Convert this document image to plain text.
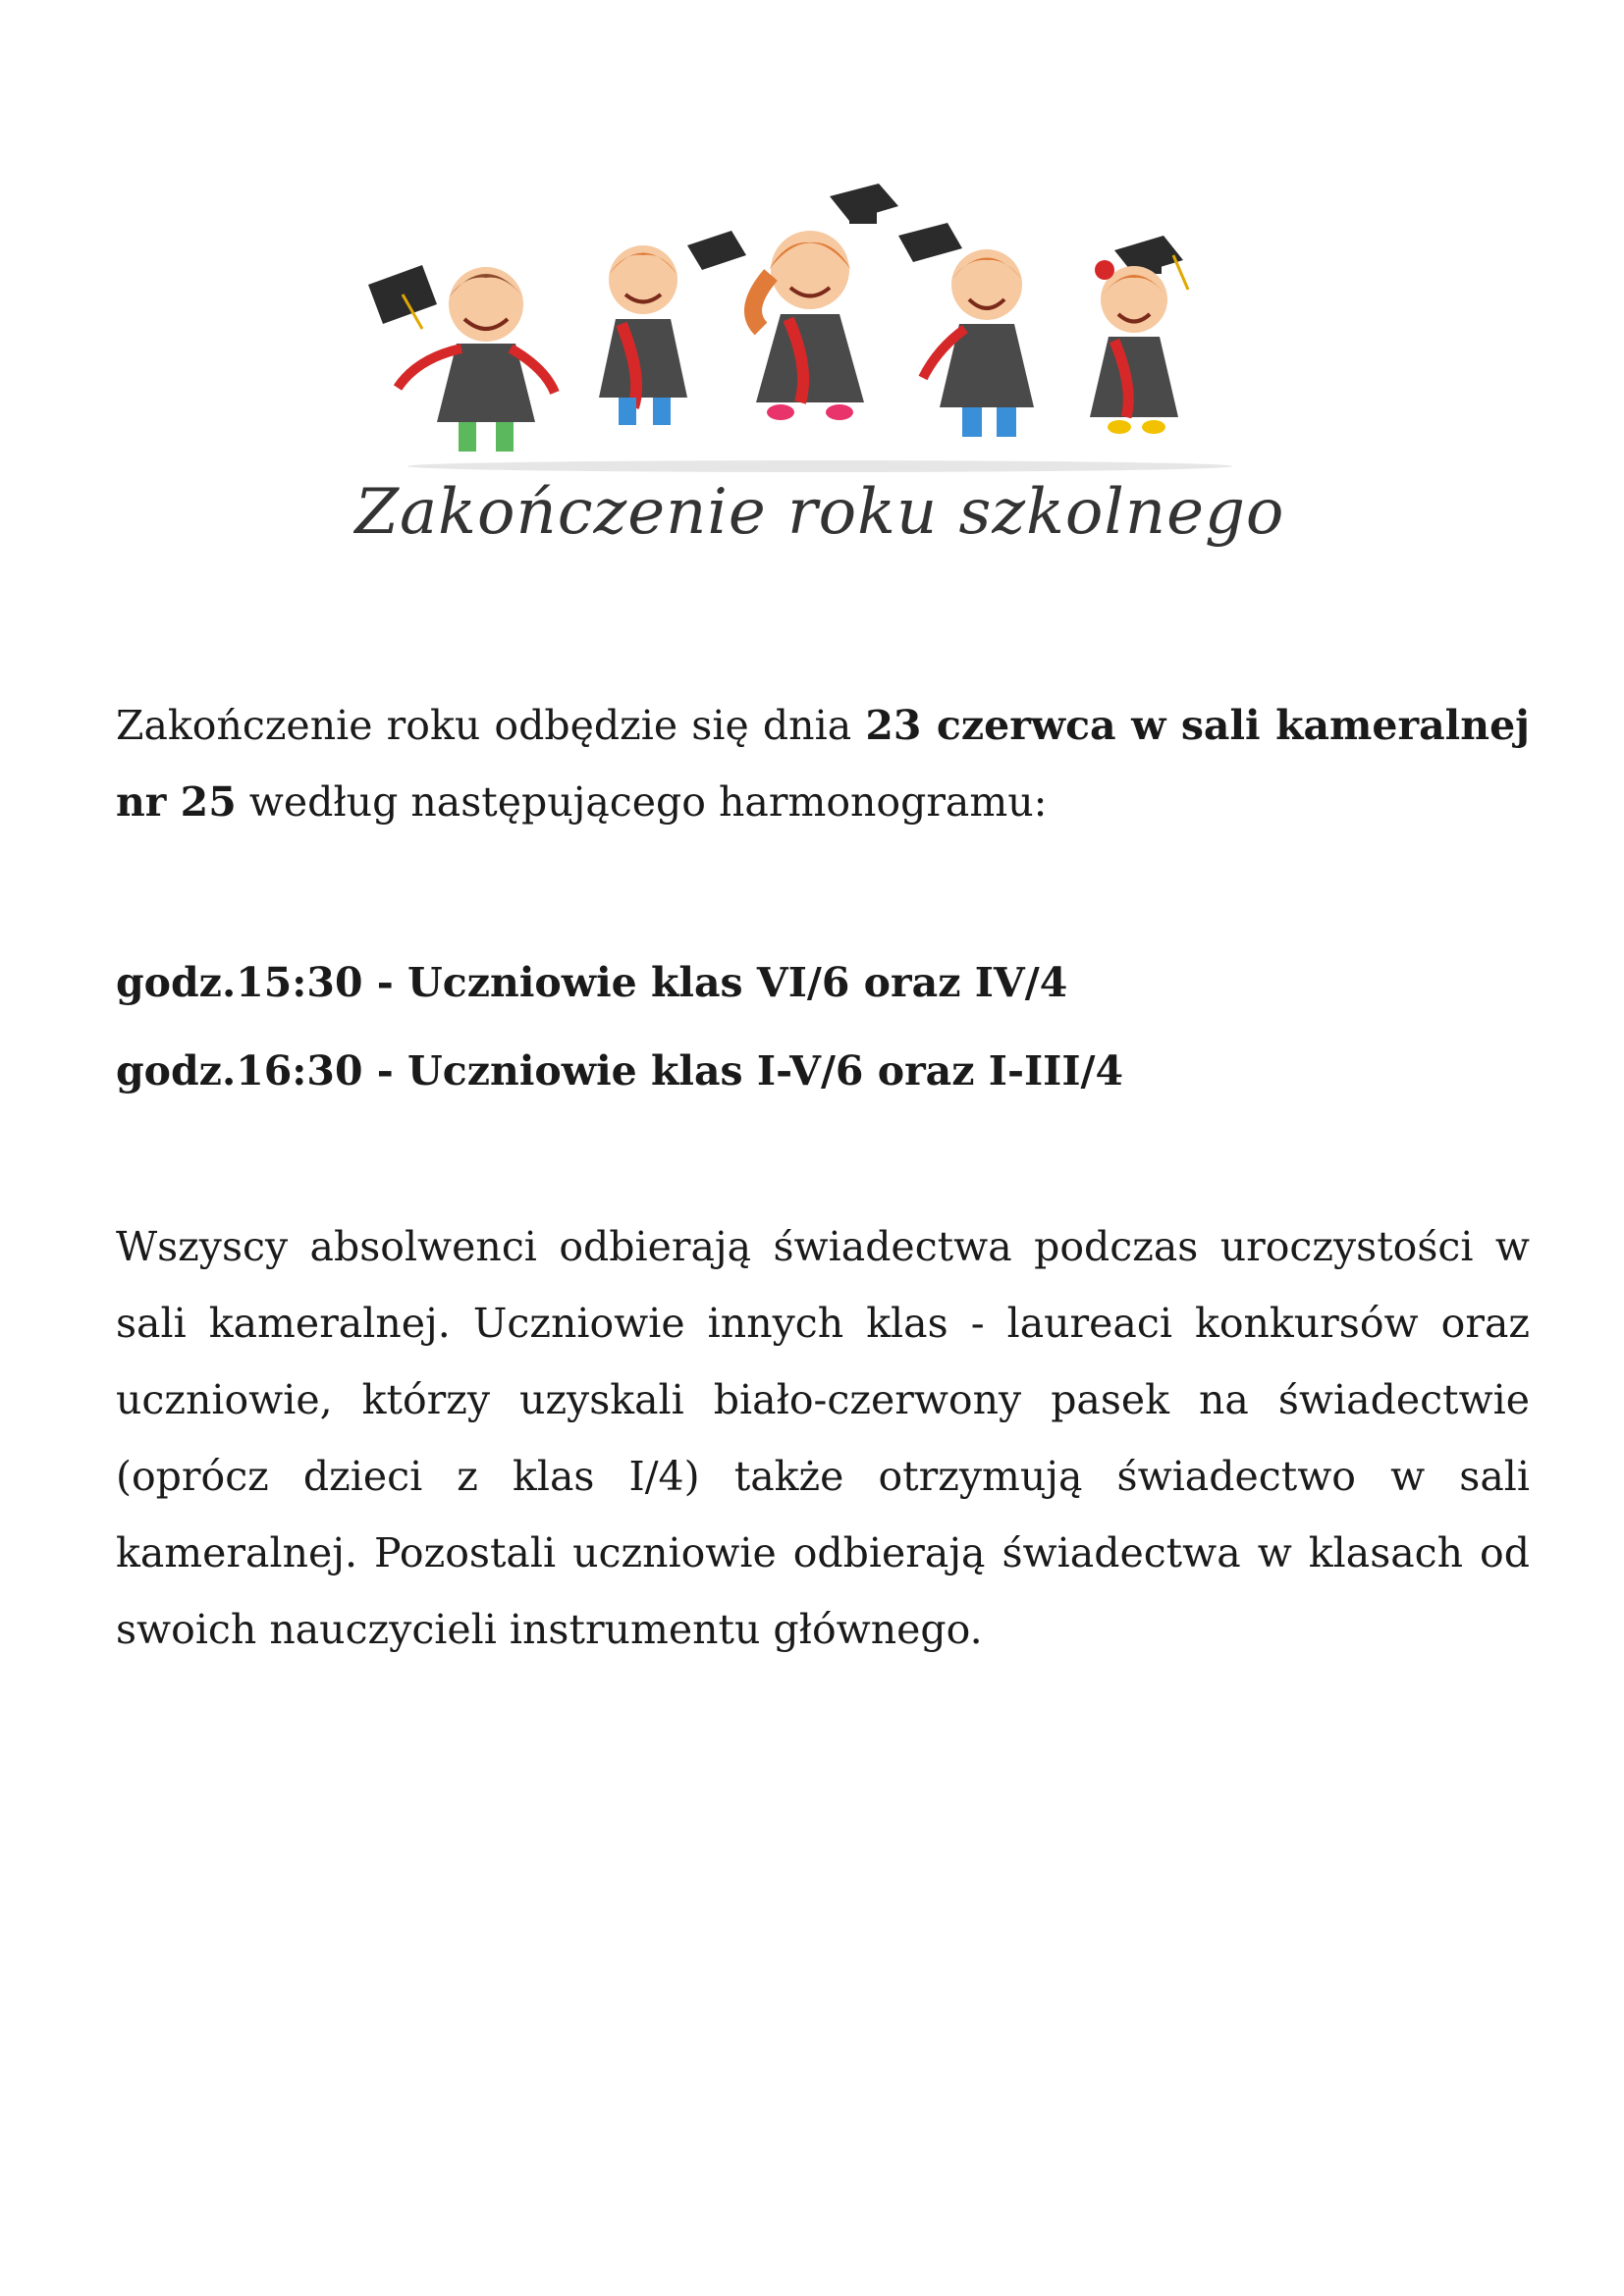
Zakończenie roku szkolnego

Zakończenie roku odbędzie się dnia 23 czerwca w sali kameralnej nr 25 według następującego harmonogramu:

godz.15:30 - Uczniowie klas VI/6 oraz IV/4

godz.16:30 - Uczniowie klas I-V/6 oraz I-III/4

Wszyscy absolwenci odbierają świadectwa podczas uroczystości w sali kameralnej. Uczniowie innych klas - laureaci konkursów oraz uczniowie, którzy uzyskali biało-czerwony pasek na świadectwie (oprócz dzieci z klas I/4) także otrzymują świadectwo w sali kameralnej. Pozostali uczniowie odbierają świadectwa w klasach od swoich nauczycieli instrumentu głównego.
